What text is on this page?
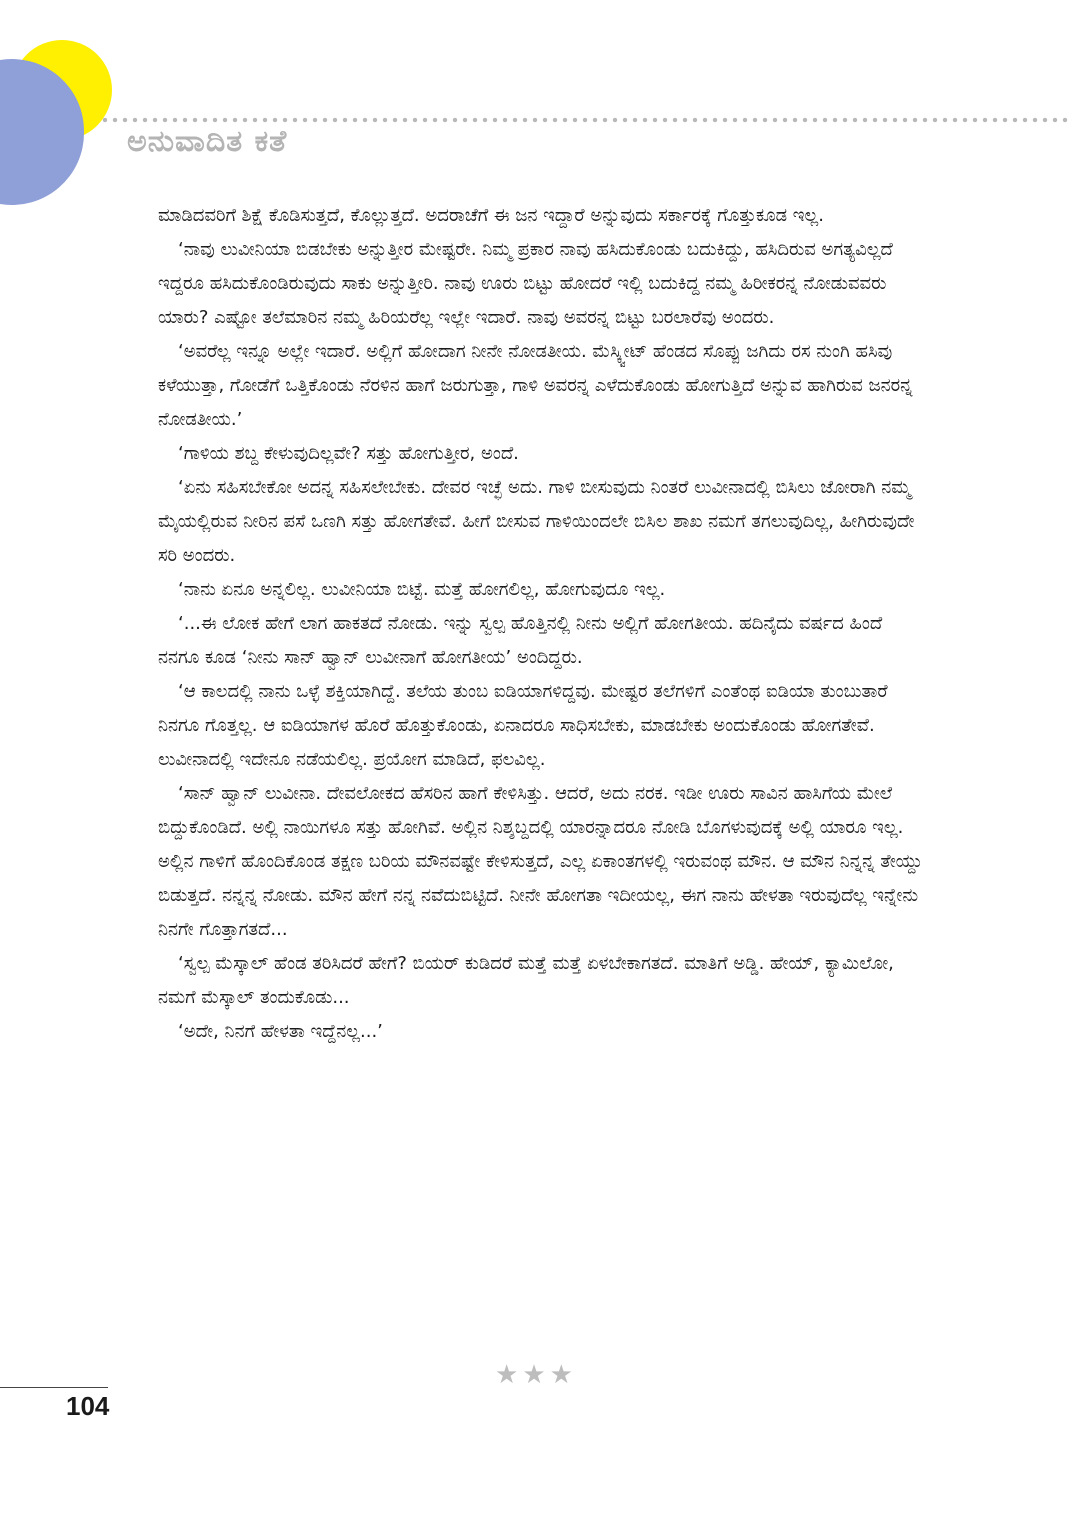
ಅನುವಾದಿತ ಕತೆ

ಮಾಡಿದವರಿಗೆ ಶಿಕ್ಷೆ ಕೊಡಿಸುತ್ತದೆ, ಕೊಲ್ಲುತ್ತದೆ. ಅದರಾಚೆಗೆ ಈ ಜನ ಇದ್ದಾರೆ ಅನ್ನುವುದು ಸರ್ಕಾರಕ್ಕೆ ಗೊತ್ತುಕೂಡ ಇಲ್ಲ.

‘ನಾವು ಲುವೀನಿಯಾ ಬಿಡಬೇಕು ಅನ್ನುತ್ತೀರ ಮೇಷ್ಟರೇ. ನಿಮ್ಮ ಪ್ರಕಾರ ನಾವು ಹಸಿದುಕೊಂಡು ಬದುಕಿದ್ದು, ಹಸಿದಿರುವ ಅಗತ್ಯವಿಲ್ಲದೆ ಇದ್ದರೂ ಹಸಿದುಕೊಂಡಿರುವುದು ಸಾಕು ಅನ್ನುತ್ತೀರಿ. ನಾವು ಊರು ಬಿಟ್ಟು ಹೋದರೆ ಇಲ್ಲಿ ಬದುಕಿದ್ದ ನಮ್ಮ ಹಿರೀಕರನ್ನ ನೋಡುವವರು ಯಾರು? ಎಷ್ಟೋ ತಲೆಮಾರಿನ ನಮ್ಮ ಹಿರಿಯರೆಲ್ಲ ಇಲ್ಲೇ ಇದಾರೆ. ನಾವು ಅವರನ್ನ ಬಿಟ್ಟು ಬರಲಾರೆವು ಅಂದರು.

‘ಅವರೆಲ್ಲ ಇನ್ನೂ ಅಲ್ಲೇ ಇದಾರೆ. ಅಲ್ಲಿಗೆ ಹೋದಾಗ ನೀನೇ ನೋಡತೀಯ. ಮೆಸ್ಕ್ವೀಟ್ ಹೆಂಡದ ಸೊಪ್ಪು ಜಗಿದು ರಸ ನುಂಗಿ ಹಸಿವು ಕಳೆಯುತ್ತಾ, ಗೋಡೆಗೆ ಒತ್ತಿಕೊಂಡು ನೆರಳಿನ ಹಾಗೆ ಜರುಗುತ್ತಾ, ಗಾಳಿ ಅವರನ್ನ ಎಳೆದುಕೊಂಡು ಹೋಗುತ್ತಿದೆ ಅನ್ನುವ ಹಾಗಿರುವ ಜನರನ್ನ ನೋಡತೀಯ.’

‘ಗಾಳಿಯ ಶಬ್ದ ಕೇಳುವುದಿಲ್ಲವೇ? ಸತ್ತು ಹೋಗುತ್ತೀರ, ಅಂದೆ.

‘ಏನು ಸಹಿಸಬೇಕೋ ಅದನ್ನ ಸಹಿಸಲೇಬೇಕು. ದೇವರ ಇಚ್ಛೆ ಅದು. ಗಾಳಿ ಬೀಸುವುದು ನಿಂತರೆ ಲುವೀನಾದಲ್ಲಿ ಬಿಸಿಲು ಜೋರಾಗಿ ನಮ್ಮ ಮೈಯಲ್ಲಿರುವ ನೀರಿನ ಪಸೆ ಒಣಗಿ ಸತ್ತು ಹೋಗತೇವೆ. ಹೀಗೆ ಬೀಸುವ ಗಾಳಿಯಿಂದಲೇ ಬಿಸಿಲ ಶಾಖ ನಮಗೆ ತಗಲುವುದಿಲ್ಲ, ಹೀಗಿರುವುದೇ ಸರಿ ಅಂದರು.

‘ನಾನು ಏನೂ ಅನ್ನಲಿಲ್ಲ. ಲುವೀನಿಯಾ ಬಿಟ್ಟೆ. ಮತ್ತೆ ಹೋಗಲಿಲ್ಲ, ಹೋಗುವುದೂ ಇಲ್ಲ.

‘...ಈ ಲೋಕ ಹೇಗೆ ಲಾಗ ಹಾಕತದೆ ನೋಡು. ಇನ್ನು ಸ್ವಲ್ಪ ಹೊತ್ತಿನಲ್ಲಿ ನೀನು ಅಲ್ಲಿಗೆ ಹೋಗತೀಯ. ಹದಿನೈದು ವರ್ಷದ ಹಿಂದೆ ನನಗೂ ಕೂಡ ‘ನೀನು ಸಾನ್ ಹ್ವಾನ್ ಲುವೀನಾಗೆ ಹೋಗತೀಯ’ ಅಂದಿದ್ದರು.

‘ಆ ಕಾಲದಲ್ಲಿ ನಾನು ಒಳ್ಳೆ ಶಕ್ತಿಯಾಗಿದ್ದೆ. ತಲೆಯ ತುಂಬ ಐಡಿಯಾಗಳಿದ್ದವು. ಮೇಷ್ಟರ ತಲೆಗಳಿಗೆ ಎಂತೆಂಥ ಐಡಿಯಾ ತುಂಬುತಾರೆ ನಿನಗೂ ಗೊತ್ತಲ್ಲ. ಆ ಐಡಿಯಾಗಳ ಹೊರೆ ಹೊತ್ತುಕೊಂಡು, ಏನಾದರೂ ಸಾಧಿಸಬೇಕು, ಮಾಡಬೇಕು ಅಂದುಕೊಂಡು ಹೋಗತೇವೆ. ಲುವೀನಾದಲ್ಲಿ ಇದೇನೂ ನಡೆಯಲಿಲ್ಲ. ಪ್ರಯೋಗ ಮಾಡಿದೆ, ಫಲವಿಲ್ಲ.

‘ಸಾನ್ ಹ್ವಾನ್ ಲುವೀನಾ. ದೇವಲೋಕದ ಹೆಸರಿನ ಹಾಗೆ ಕೇಳಿಸಿತ್ತು. ಆದರೆ, ಅದು ನರಕ. ಇಡೀ ಊರು ಸಾವಿನ ಹಾಸಿಗೆಯ ಮೇಲೆ ಬಿದ್ದುಕೊಂಡಿದೆ. ಅಲ್ಲಿ ನಾಯಿಗಳೂ ಸತ್ತು ಹೋಗಿವೆ. ಅಲ್ಲಿನ ನಿಶ್ಶಬ್ದದಲ್ಲಿ ಯಾರನ್ನಾದರೂ ನೋಡಿ ಬೊಗಳುವುದಕ್ಕೆ ಅಲ್ಲಿ ಯಾರೂ ಇಲ್ಲ. ಅಲ್ಲಿನ ಗಾಳಿಗೆ ಹೊಂದಿಕೊಂಡ ತಕ್ಷಣ ಬರಿಯ ಮೌನವಷ್ಟೇ ಕೇಳಿಸುತ್ತದೆ, ಎಲ್ಲ ಏಕಾಂತಗಳಲ್ಲಿ ಇರುವಂಥ ಮೌನ. ಆ ಮೌನ ನಿನ್ನನ್ನ ತೇಯ್ದು ಬಿಡುತ್ತದೆ. ನನ್ನನ್ನ ನೋಡು. ಮೌನ ಹೇಗೆ ನನ್ನ ನವೆದುಬಿಟ್ಟಿದೆ. ನೀನೇ ಹೋಗತಾ ಇದೀಯಲ್ಲ, ಈಗ ನಾನು ಹೇಳತಾ ಇರುವುದೆಲ್ಲ ಇನ್ನೇನು ನಿನಗೇ ಗೊತ್ತಾಗತದೆ...

‘ಸ್ವಲ್ಪ ಮೆಸ್ಕಾಲ್ ಹೆಂಡ ತರಿಸಿದರೆ ಹೇಗೆ? ಬಿಯರ್ ಕುಡಿದರೆ ಮತ್ತೆ ಮತ್ತೆ ಏಳಬೇಕಾಗತದೆ. ಮಾತಿಗೆ ಅಡ್ಡಿ. ಹೇಯ್, ಕ್ಯಾಮಿಲೋ, ನಮಗೆ ಮೆಸ್ಕಾಲ್ ತಂದುಕೊಡು...

‘ಅದೇ, ನಿನಗೆ ಹೇಳತಾ ಇದ್ದೆನಲ್ಲ...’

★★★
104
